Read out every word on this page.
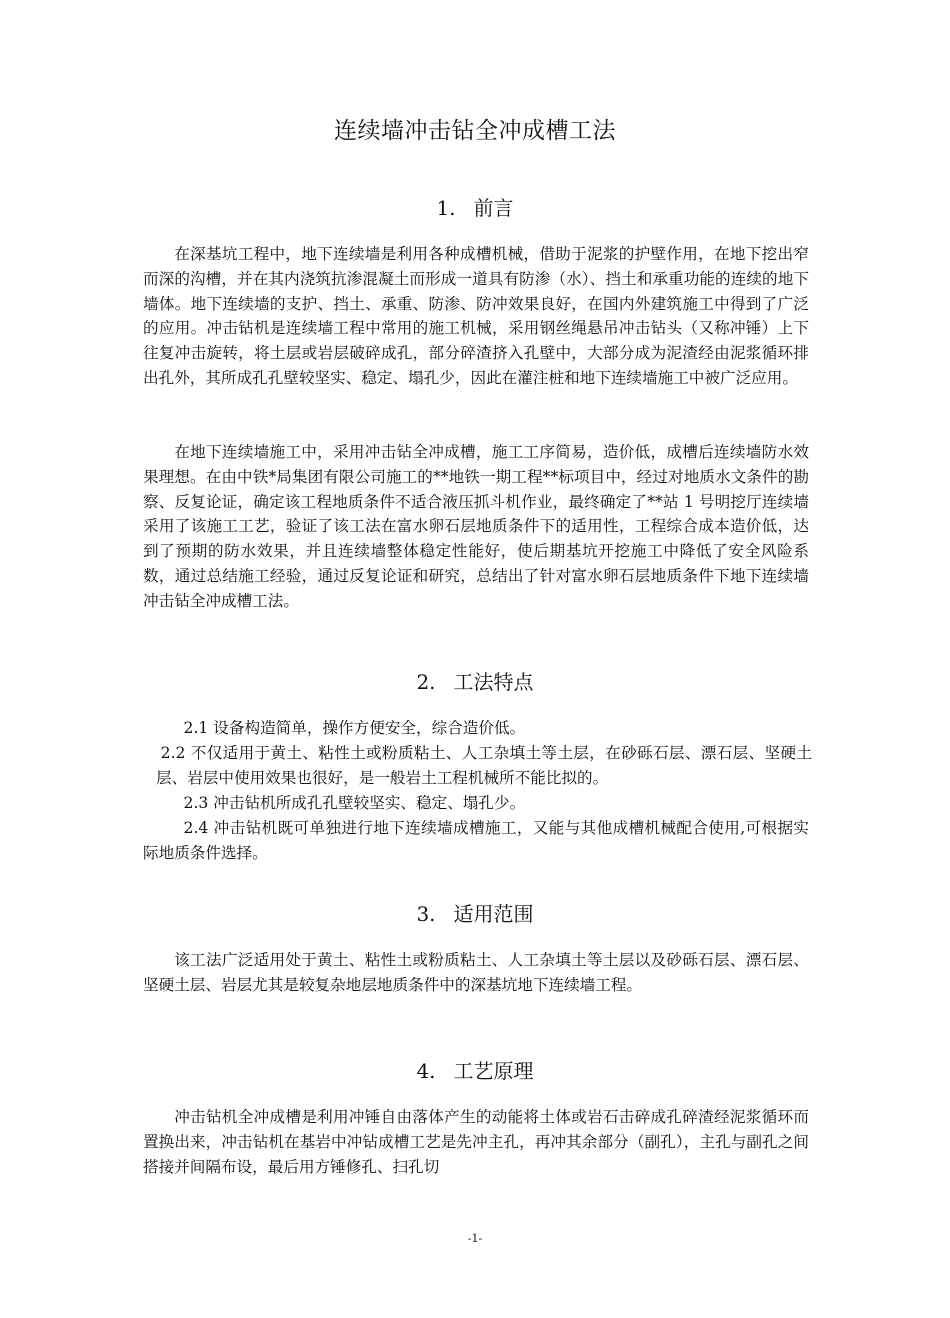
连续墙冲击钻全冲成槽工法
1. 前言

在深基坑工程中，地下连续墙是利用各种成槽机械，借助于泥浆的护壁作用，在地下挖出窄而深的沟槽，并在其内浇筑抗渗混凝土而形成一道具有防渗（水）、挡土和承重功能的连续的地下墙体。地下连续墙的支护、挡土、承重、防渗、防冲效果良好，在国内外建筑施工中得到了广泛的应用。冲击钻机是连续墙工程中常用的施工机械，采用钢丝绳悬吊冲击钻头（又称冲锤）上下往复冲击旋转，将土层或岩层破碎成孔，部分碎渣挤入孔壁中，大部分成为泥渣经由泥浆循环排出孔外，其所成孔孔壁较坚实、稳定、塌孔少，因此在灌注桩和地下连续墙施工中被广泛应用。

在地下连续墙施工中，采用冲击钻全冲成槽，施工工序简易，造价低，成槽后连续墙防水效果理想。在由中铁*局集团有限公司施工的**地铁一期工程**标项目中，经过对地质水文条件的勘察、反复论证，确定该工程地质条件不适合液压抓斗机作业，最终确定了**站 1 号明挖厅连续墙采用了该施工工艺，验证了该工法在富水卵石层地质条件下的适用性，工程综合成本造价低，达到了预期的防水效果，并且连续墙整体稳定性能好，使后期基坑开挖施工中降低了安全风险系数，通过总结施工经验，通过反复论证和研究，总结出了针对富水卵石层地质条件下地下连续墙冲击钻全冲成槽工法。

2. 工法特点

2.1 设备构造简单，操作方便安全，综合造价低。

2.2 不仅适用于黄土、粘性土或粉质粘土、人工杂填土等土层，在砂砾石层、漂石层、坚硬土层、岩层中使用效果也很好，是一般岩土工程机械所不能比拟的。

2.3 冲击钻机所成孔孔壁较坚实、稳定、塌孔少。

2.4 冲击钻机既可单独进行地下连续墙成槽施工，又能与其他成槽机械配合使用,可根据实际地质条件选择。

3. 适用范围

该工法广泛适用处于黄土、粘性土或粉质粘土、人工杂填土等土层以及砂砾石层、漂石层、坚硬土层、岩层尤其是较复杂地层地质条件中的深基坑地下连续墙工程。

4. 工艺原理

冲击钻机全冲成槽是利用冲锤自由落体产生的动能将土体或岩石击碎成孔碎渣经泥浆循环而置换出来，冲击钻机在基岩中冲钻成槽工艺是先冲主孔，再冲其余部分（副孔），主孔与副孔之间搭接并间隔布设，最后用方锤修孔、扫孔切

-1-
